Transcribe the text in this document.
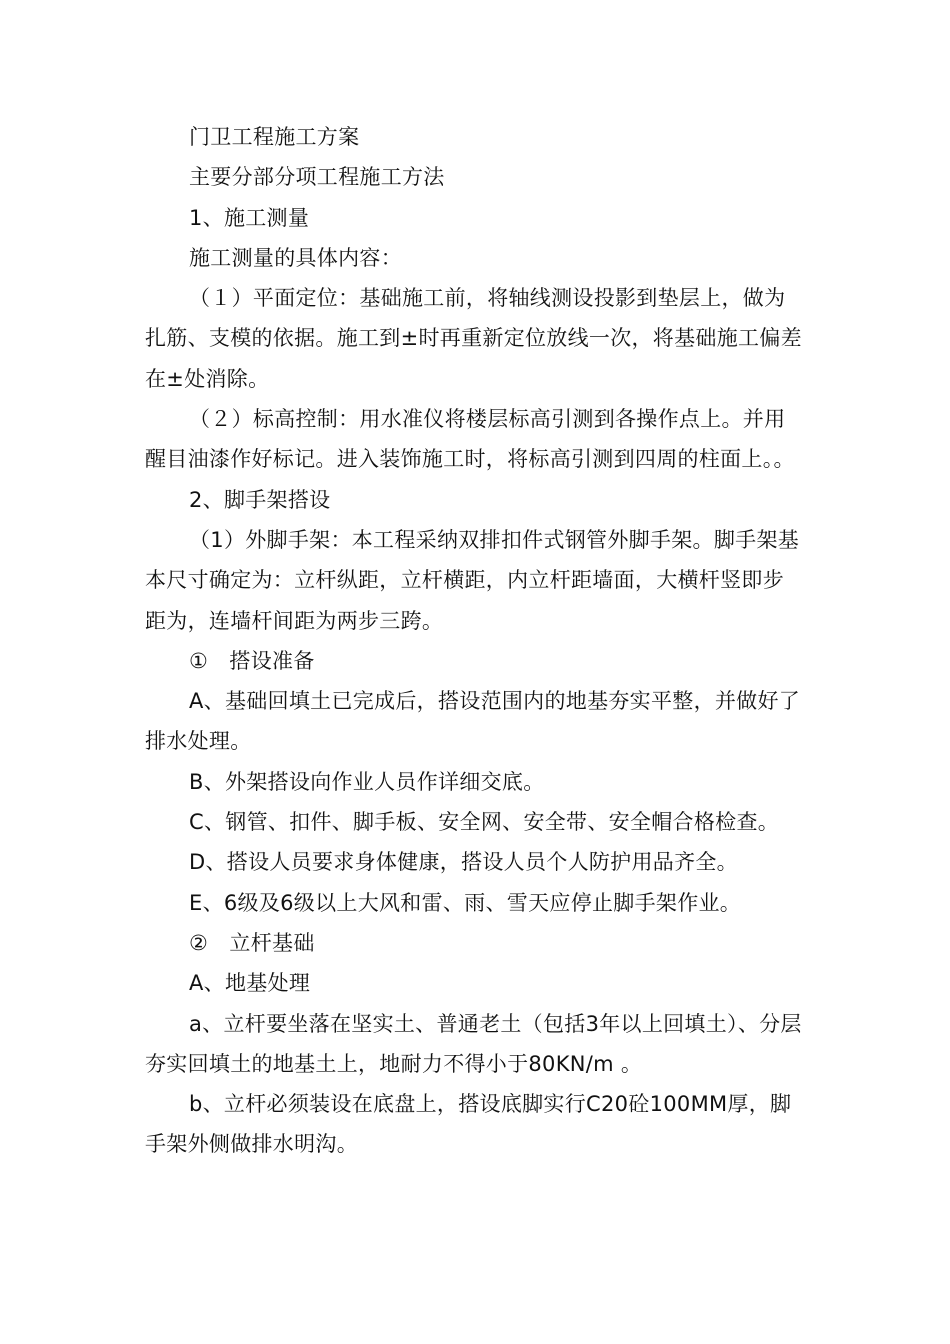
门卫工程施工方案

主要分部分项工程施工方法

1、施工测量

施工测量的具体内容：

（１）平面定位：基础施工前，将轴线测设投影到垫层上，做为扎筋、支模的依据。施工到±时再重新定位放线一次，将基础施工偏差在±处消除。

（２）标高控制：用水准仪将楼层标高引测到各操作点上。并用醒目油漆作好标记。进入装饰施工时，将标高引测到四周的柱面上。。

2、脚手架搭设

（1）外脚手架：本工程采纳双排扣件式钢管外脚手架。脚手架基本尺寸确定为：立杆纵距，立杆横距，内立杆距墙面，大横杆竖即步距为，连墙杆间距为两步三跨。

①　搭设准备

A、基础回填土已完成后，搭设范围内的地基夯实平整，并做好了排水处理。

B、外架搭设向作业人员作详细交底。

C、钢管、扣件、脚手板、安全网、安全带、安全帽合格检查。

D、搭设人员要求身体健康，搭设人员个人防护用品齐全。

E、6级及6级以上大风和雷、雨、雪天应停止脚手架作业。

②　立杆基础

A、地基处理

a、立杆要坐落在坚实土、普通老土（包括3年以上回填土）、分层夯实回填土的地基土上，地耐力不得小于80KN/m 。

b、立杆必须装设在底盘上，搭设底脚实行C20砼100MM厚，脚手架外侧做排水明沟。
